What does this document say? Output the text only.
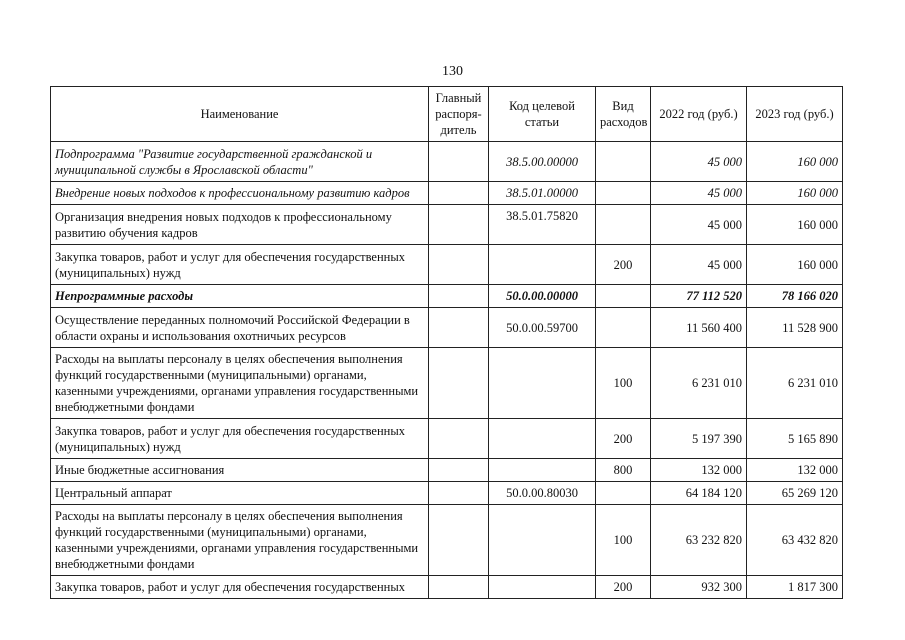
130
Наименование	Главный распоря-дитель	Код целевой статьи	Вид расходов	2022 год (руб.)	2023 год (руб.)
Подпрограмма "Развитие государственной гражданской и муниципальной службы в Ярославской области"		38.5.00.00000		45 000	160 000
Внедрение новых подходов к профессиональному развитию кадров		38.5.01.00000		45 000	160 000
Организация внедрения новых подходов к профессиональному развитию обучения кадров		38.5.01.75820		45 000	160 000
Закупка товаров, работ и услуг для обеспечения государственных (муниципальных) нужд			200	45 000	160 000
Непрограммные расходы		50.0.00.00000		77 112 520	78 166 020
Осуществление переданных полномочий Российской Федерации в области охраны и использования охотничьих ресурсов		50.0.00.59700		11 560 400	11 528 900
Расходы на выплаты персоналу в целях обеспечения выполнения функций государственными (муниципальными) органами, казенными учреждениями, органами управления государственными внебюджетными фондами			100	6 231 010	6 231 010
Закупка товаров, работ и услуг для обеспечения государственных (муниципальных) нужд			200	5 197 390	5 165 890
Иные бюджетные ассигнования			800	132 000	132 000
Центральный аппарат		50.0.00.80030		64 184 120	65 269 120
Расходы на выплаты персоналу в целях обеспечения выполнения функций государственными (муниципальными) органами, казенными учреждениями, органами управления государственными внебюджетными фондами			100	63 232 820	63 432 820
Закупка товаров, работ и услуг для обеспечения государственных			200	932 300	1 817 300
